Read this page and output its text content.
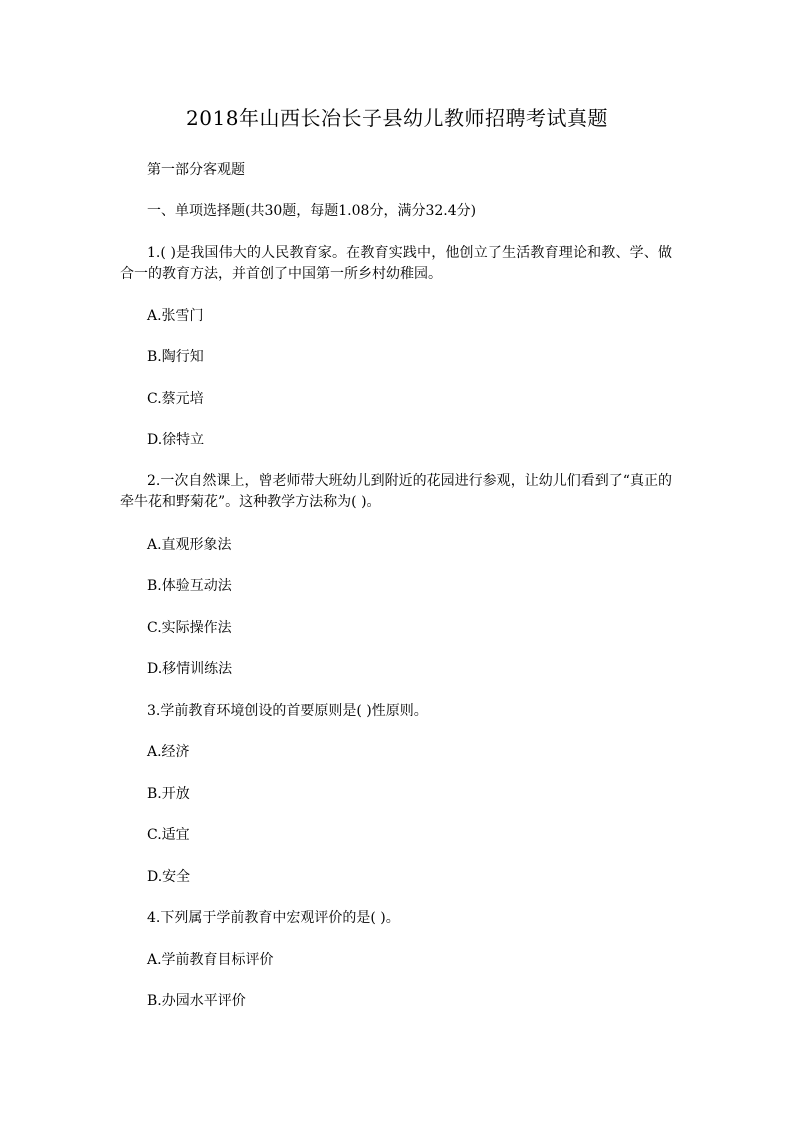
2018年山西长冶长子县幼儿教师招聘考试真题
第一部分客观题
一、单项选择题(共30题，每题1.08分，满分32.4分)
1.( )是我国伟大的人民教育家。在教育实践中，他创立了生活教育理论和教、学、做合一的教育方法，并首创了中国第一所乡村幼稚园。
A.张雪门
B.陶行知
C.蔡元培
D.徐特立
2.一次自然课上，曾老师带大班幼儿到附近的花园进行参观，让幼儿们看到了“真正的牵牛花和野菊花”。这种教学方法称为( )。
A.直观形象法
B.体验互动法
C.实际操作法
D.移情训练法
3.学前教育环境创设的首要原则是( )性原则。
A.经济
B.开放
C.适宜
D.安全
4.下列属于学前教育中宏观评价的是( )。
A.学前教育目标评价
B.办园水平评价
